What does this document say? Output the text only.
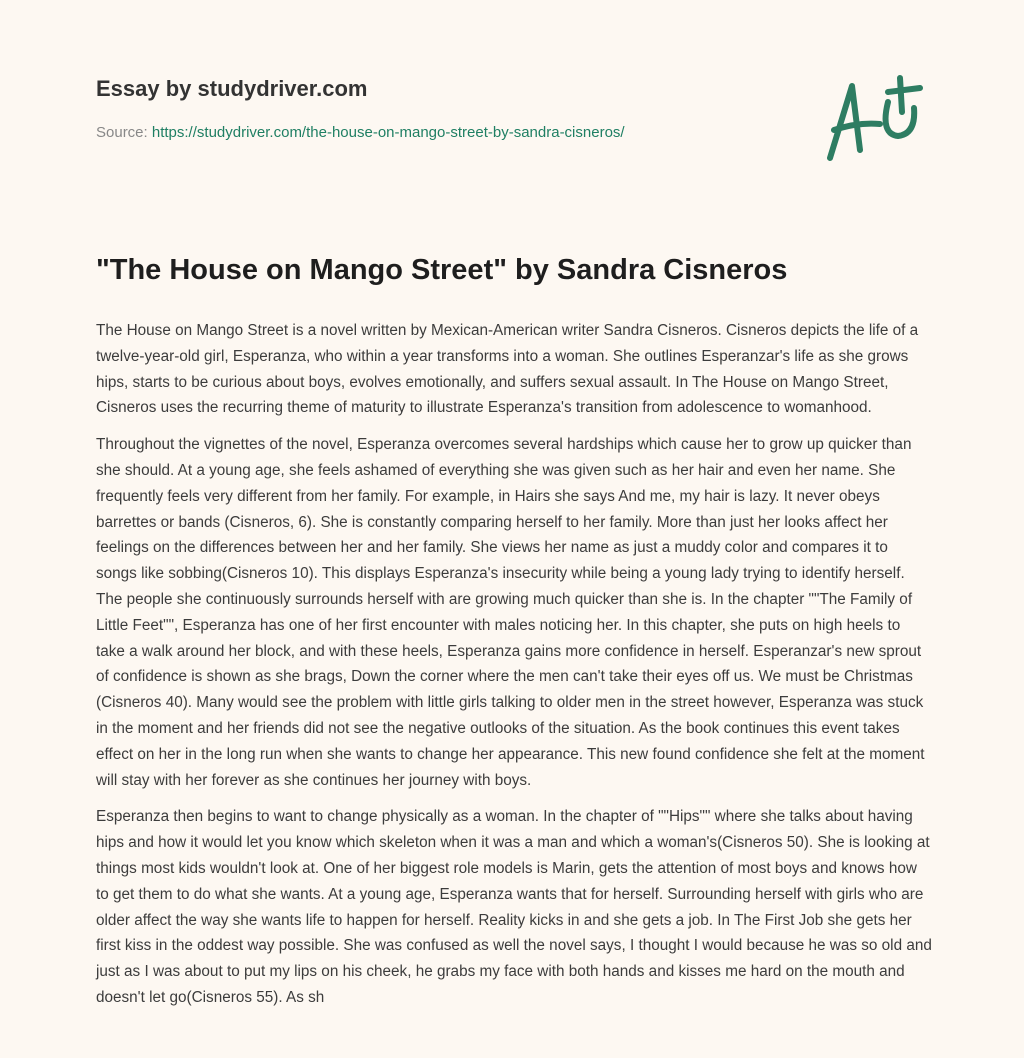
Essay by studydriver.com
Source: https://studydriver.com/the-house-on-mango-street-by-sandra-cisneros/
"The House on Mango Street" by Sandra Cisneros

The House on Mango Street is a novel written by Mexican-American writer Sandra Cisneros. Cisneros depicts the life of a twelve-year-old girl, Esperanza, who within a year transforms into a woman. She outlines Esperanzar's life as she grows hips, starts to be curious about boys, evolves emotionally, and suffers sexual assault. In The House on Mango Street, Cisneros uses the recurring theme of maturity to illustrate Esperanza's transition from adolescence to womanhood.

Throughout the vignettes of the novel, Esperanza overcomes several hardships which cause her to grow up quicker than she should. At a young age, she feels ashamed of everything she was given such as her hair and even her name. She frequently feels very different from her family. For example, in Hairs she says And me, my hair is lazy. It never obeys barrettes or bands (Cisneros, 6). She is constantly comparing herself to her family. More than just her looks affect her feelings on the differences between her and her family. She views her name as just a muddy color and compares it to songs like sobbing(Cisneros 10). This displays Esperanza's insecurity while being a young lady trying to identify herself. The people she continuously surrounds herself with are growing much quicker than she is. In the chapter ""The Family of Little Feet"", Esperanza has one of her first encounter with males noticing her. In this chapter, she puts on high heels to take a walk around her block, and with these heels, Esperanza gains more confidence in herself. Esperanzar's new sprout of confidence is shown as she brags, Down the corner where the men can't take their eyes off us. We must be Christmas (Cisneros 40). Many would see the problem with little girls talking to older men in the street however, Esperanza was stuck in the moment and her friends did not see the negative outlooks of the situation. As the book continues this event takes effect on her in the long run when she wants to change her appearance. This new found confidence she felt at the moment will stay with her forever as she continues her journey with boys.

Esperanza then begins to want to change physically as a woman. In the chapter of ""Hips"" where she talks about having hips and how it would let you know which skeleton when it was a man and which a woman's(Cisneros 50). She is looking at things most kids wouldn't look at. One of her biggest role models is Marin, gets the attention of most boys and knows how to get them to do what she wants. At a young age, Esperanza wants that for herself. Surrounding herself with girls who are older affect the way she wants life to happen for herself. Reality kicks in and she gets a job. In The First Job she gets her first kiss in the oddest way possible. She was confused as well the novel says, I thought I would because he was so old and just as I was about to put my lips on his cheek, he grabs my face with both hands and kisses me hard on the mouth and doesn't let go(Cisneros 55). As sh
